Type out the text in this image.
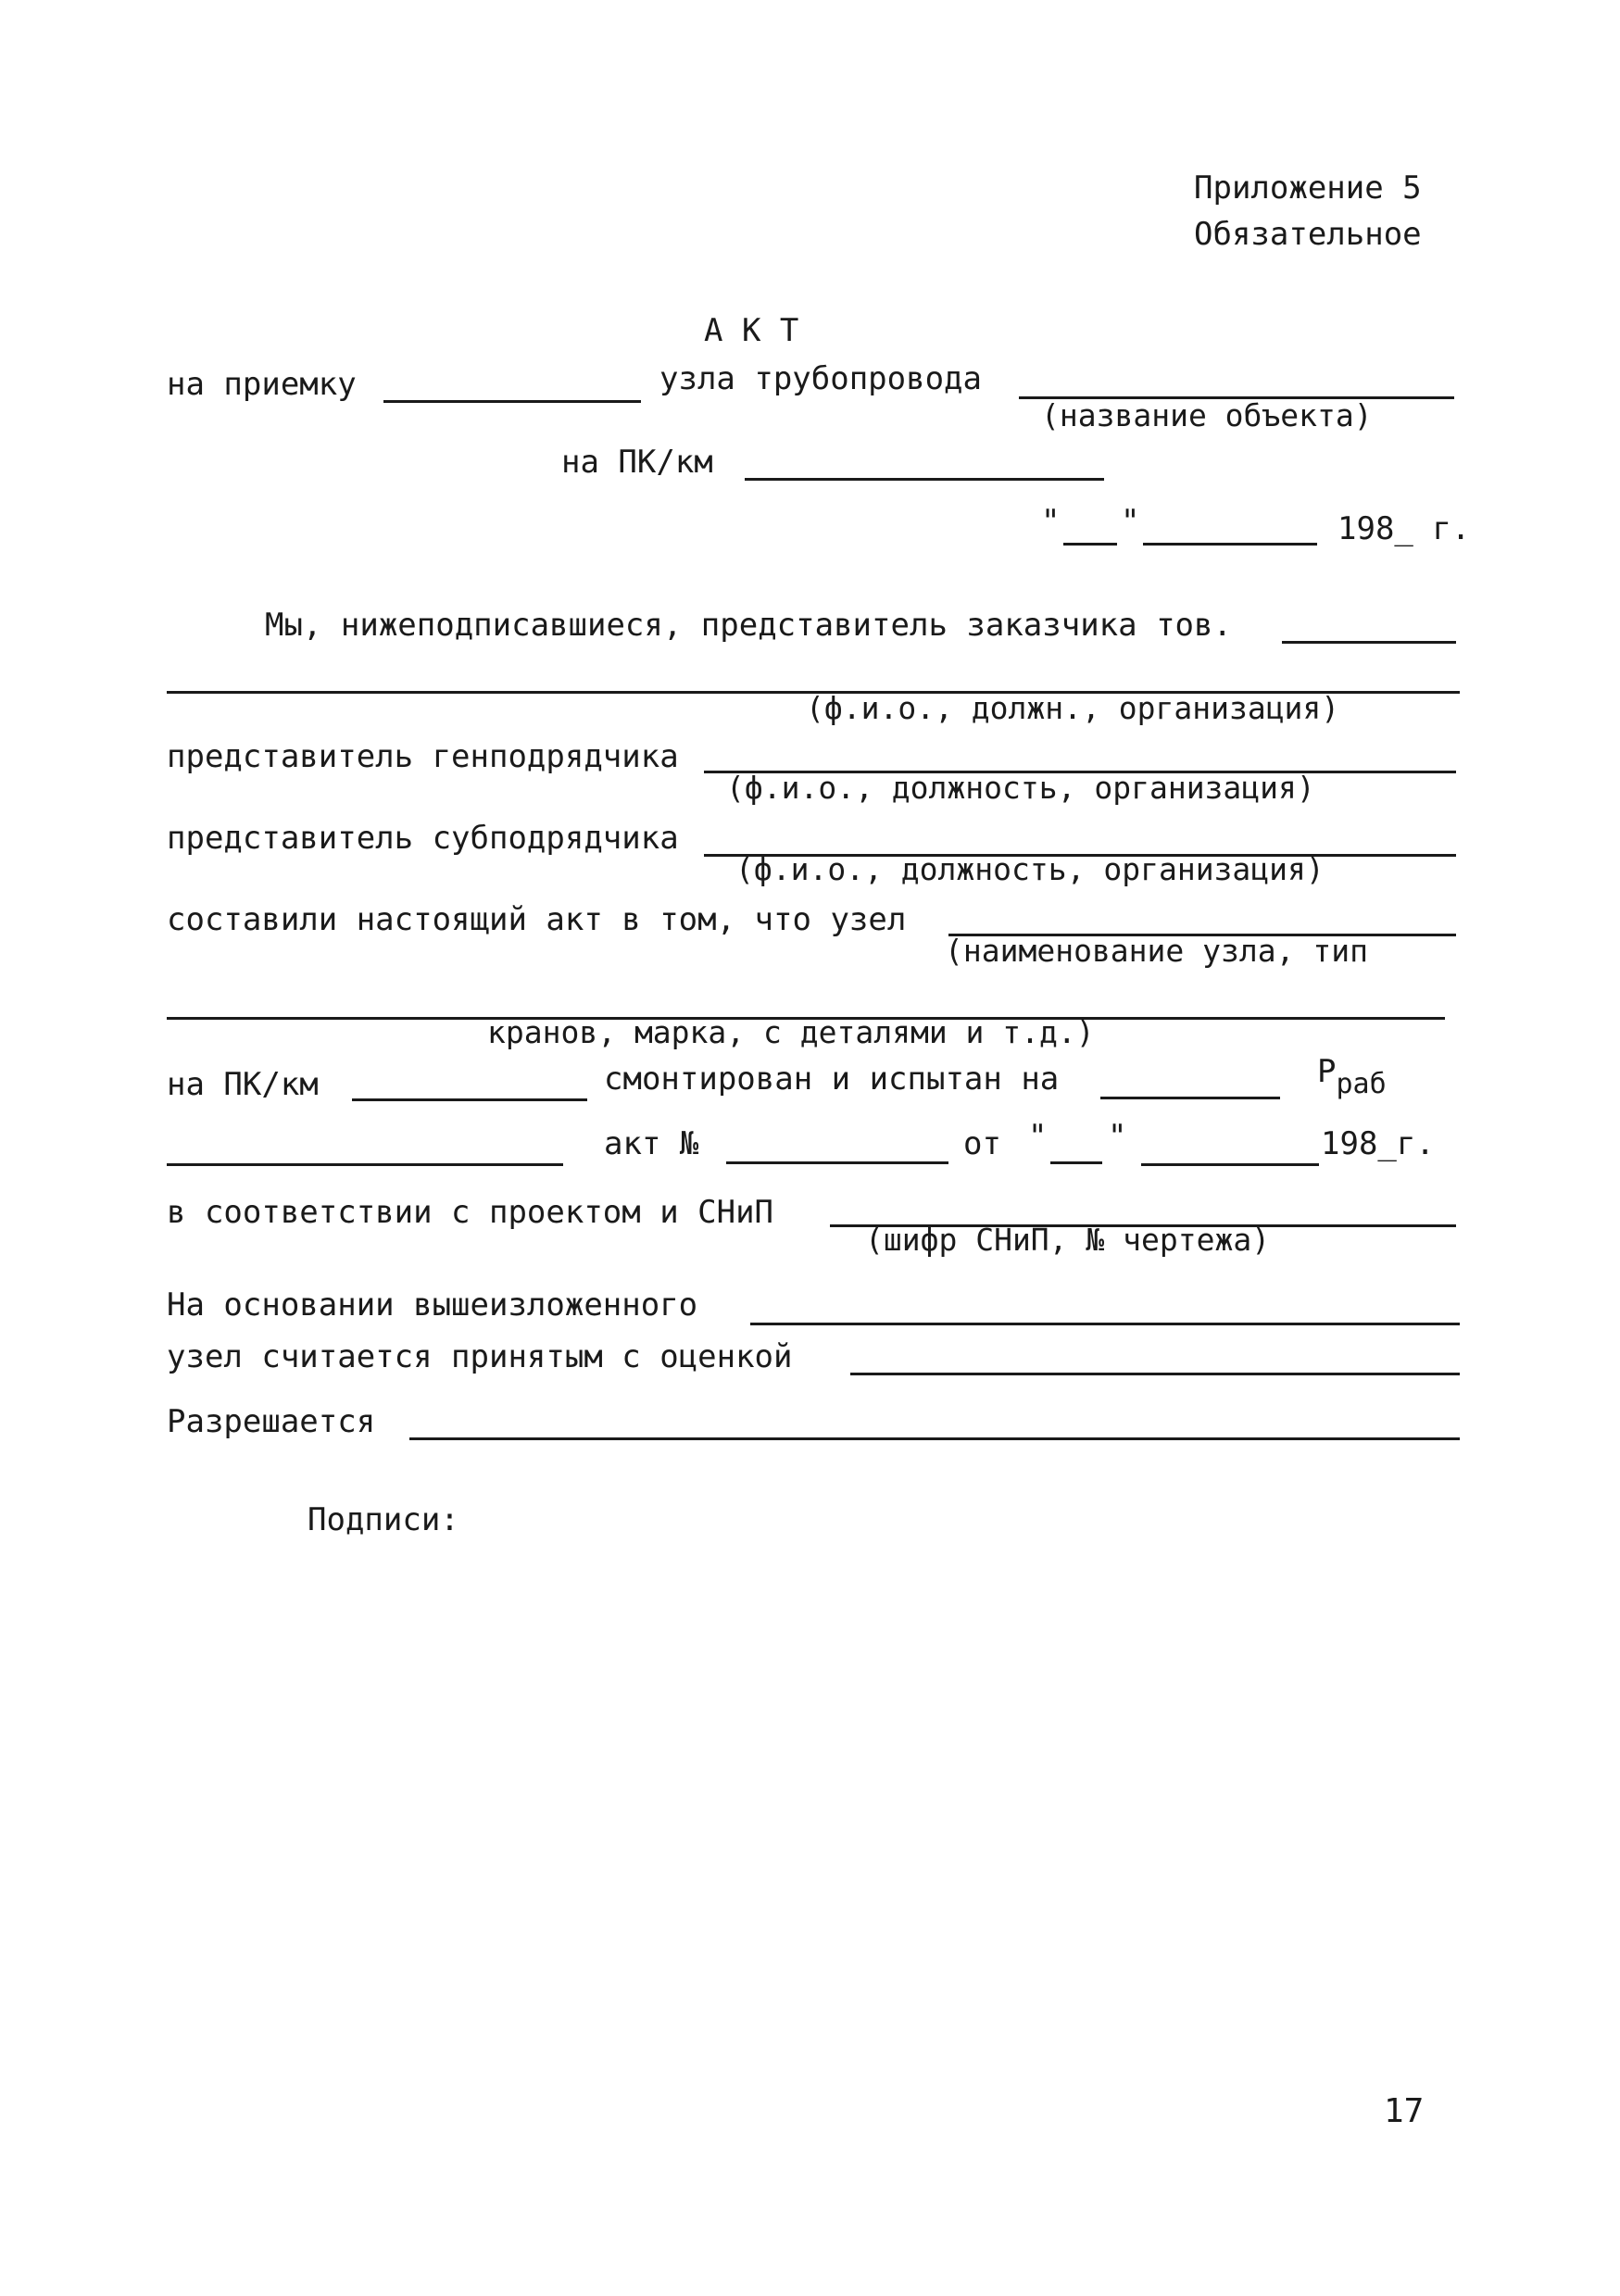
Приложение 5
Обязательное
А К Т
на приемку	узла трубопровода
(название объекта)
на ПК/км
" "	198_ г.
Мы, нижеподписавшиеся, представитель заказчика тов.
(ф.и.о., должн., организация)
представитель генподрядчика
(ф.и.о., должность, организация)
представитель субподрядчика
(ф.и.о., должность, организация)
составили настоящий акт в том, что узел
(наименование узла, тип
кранов, марка, с деталями и т.д.)
на ПК/км	смонтирован и испытан на	Рраб
акт №	от " "	198_г.
в соответствии с проектом и СНиП
(шифр СНиП, № чертежа)
На основании вышеизложенного
узел считается принятым с оценкой
Разрешается
Подписи:
17
